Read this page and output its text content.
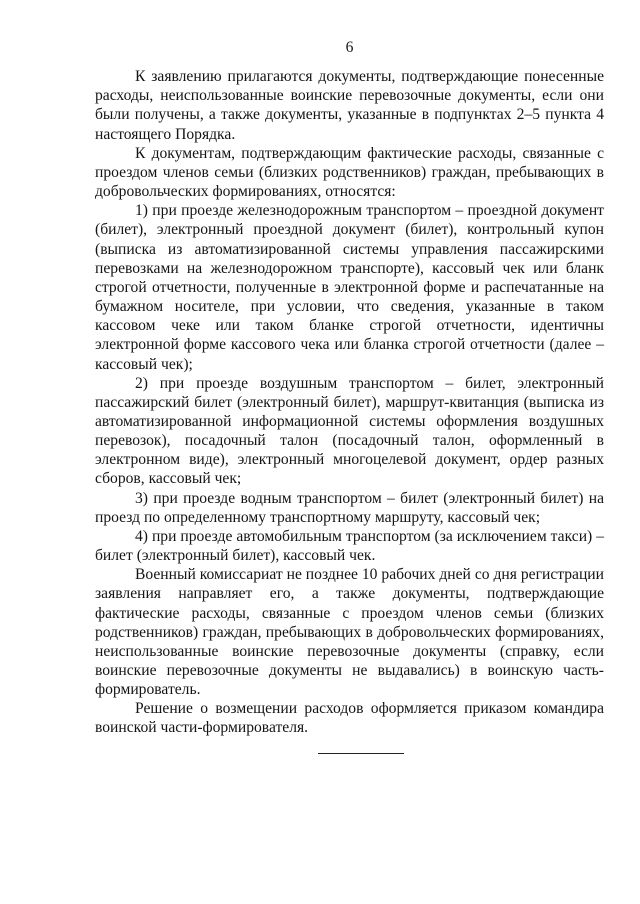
6

К заявлению прилагаются документы, подтверждающие понесенные расходы, неиспользованные воинские перевозочные документы, если они были получены, а также документы, указанные в подпунктах 2–5 пункта 4 настоящего Порядка.

К документам, подтверждающим фактические расходы, связанные с проездом членов семьи (близких родственников) граждан, пребывающих в добровольческих формированиях, относятся:

1) при проезде железнодорожным транспортом – проездной документ (билет), электронный проездной документ (билет), контрольный купон (выписка из автоматизированной системы управления пассажирскими перевозками на железнодорожном транспорте), кассовый чек или бланк строгой отчетности, полученные в электронной форме и распечатанные на бумажном носителе, при условии, что сведения, указанные в таком кассовом чеке или таком бланке строгой отчетности, идентичны электронной форме кассового чека или бланка строгой отчетности (далее – кассовый чек);

2) при проезде воздушным транспортом – билет, электронный пассажирский билет (электронный билет), маршрут-квитанция (выписка из автоматизированной информационной системы оформления воздушных перевозок), посадочный талон (посадочный талон, оформленный в электронном виде), электронный многоцелевой документ, ордер разных сборов, кассовый чек;

3) при проезде водным транспортом – билет (электронный билет) на проезд по определенному транспортному маршруту, кассовый чек;

4) при проезде автомобильным транспортом (за исключением такси) – билет (электронный билет), кассовый чек.

Военный комиссариат не позднее 10 рабочих дней со дня регистрации заявления направляет его, а также документы, подтверждающие фактические расходы, связанные с проездом членов семьи (близких родственников) граждан, пребывающих в добровольческих формированиях, неиспользованные воинские перевозочные документы (справку, если воинские перевозочные документы не выдавались) в воинскую часть-формирователь.

Решение о возмещении расходов оформляется приказом командира воинской части-формирователя.
